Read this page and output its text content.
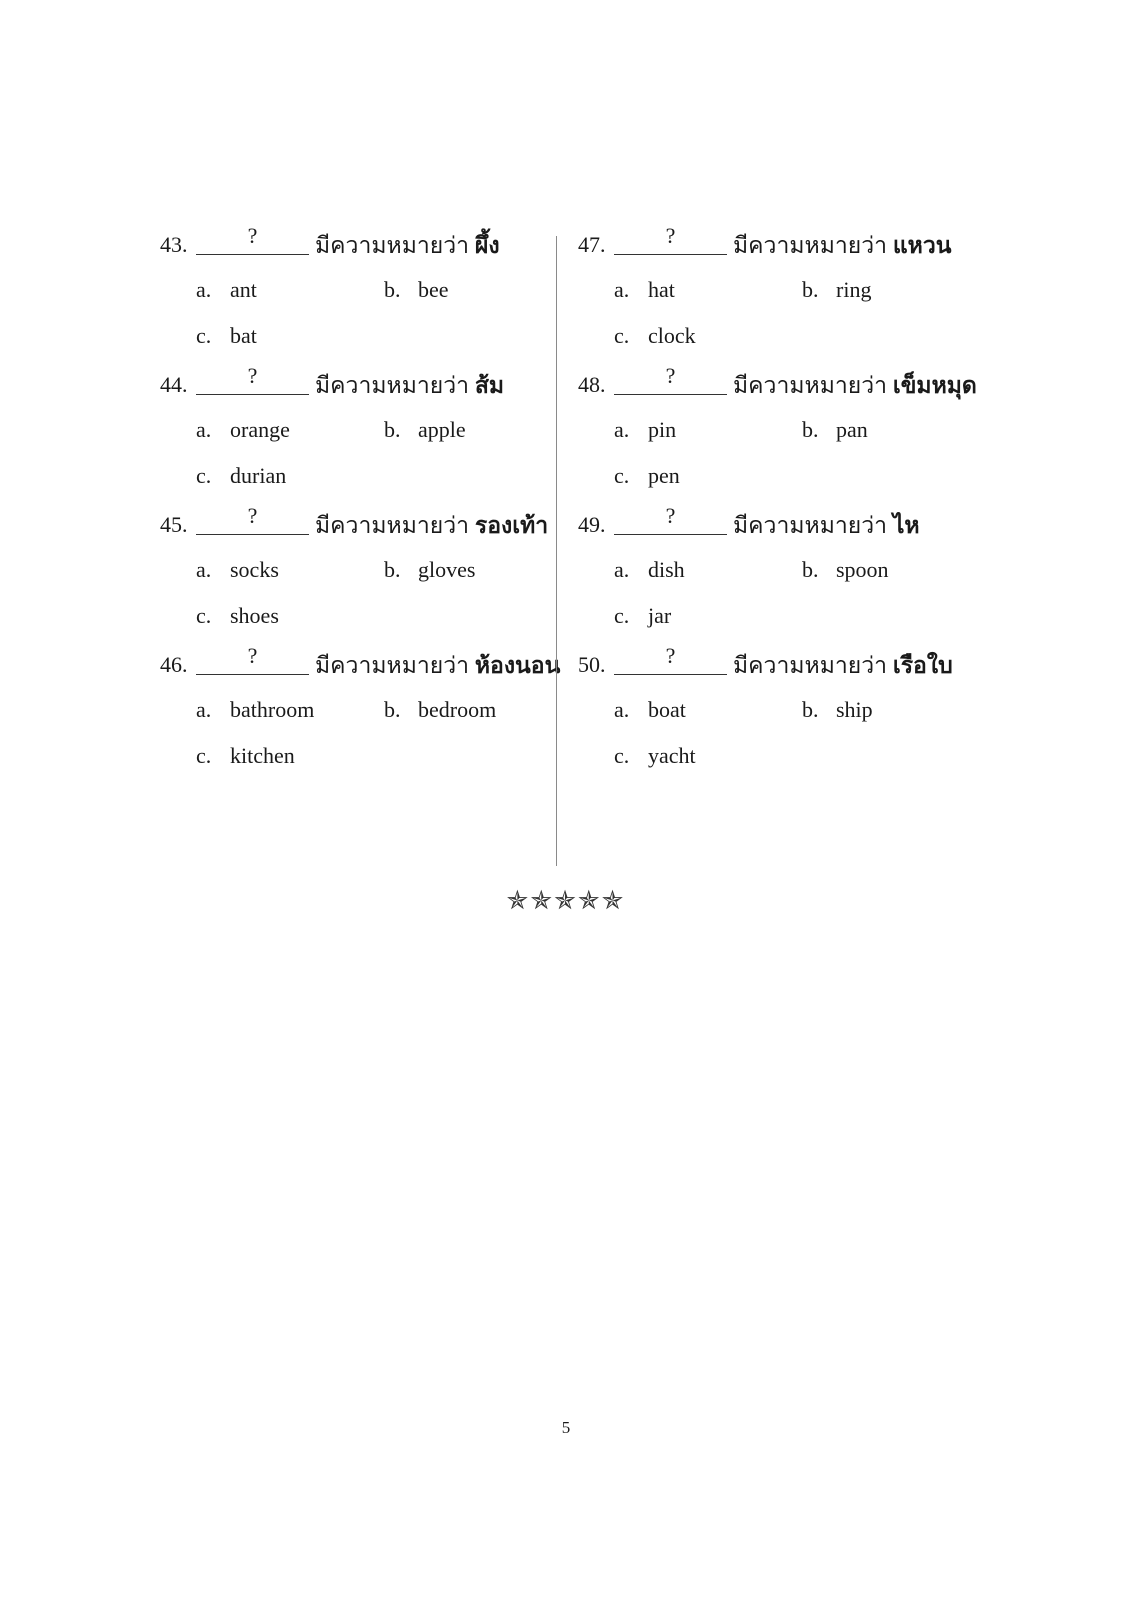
43.	?	มีความหมายว่า ผึ้ง
a. ant	b. bee
c. bat
44.	?	มีความหมายว่า ส้ม
a. orange	b. apple
c. durian
45.	?	มีความหมายว่า รองเท้า
a. socks	b. gloves
c. shoes
46.	?	มีความหมายว่า ห้องนอน
a. bathroom	b. bedroom
c. kitchen
47.	?	มีความหมายว่า แหวน
a. hat	b. ring
c. clock
48.	?	มีความหมายว่า เข็มหมุด
a. pin	b. pan
c. pen
49.	?	มีความหมายว่า ไห
a. dish	b. spoon
c. jar
50.	?	มีความหมายว่า เรือใบ
a. boat	b. ship
c. yacht
✯✯✯✯✯
5
